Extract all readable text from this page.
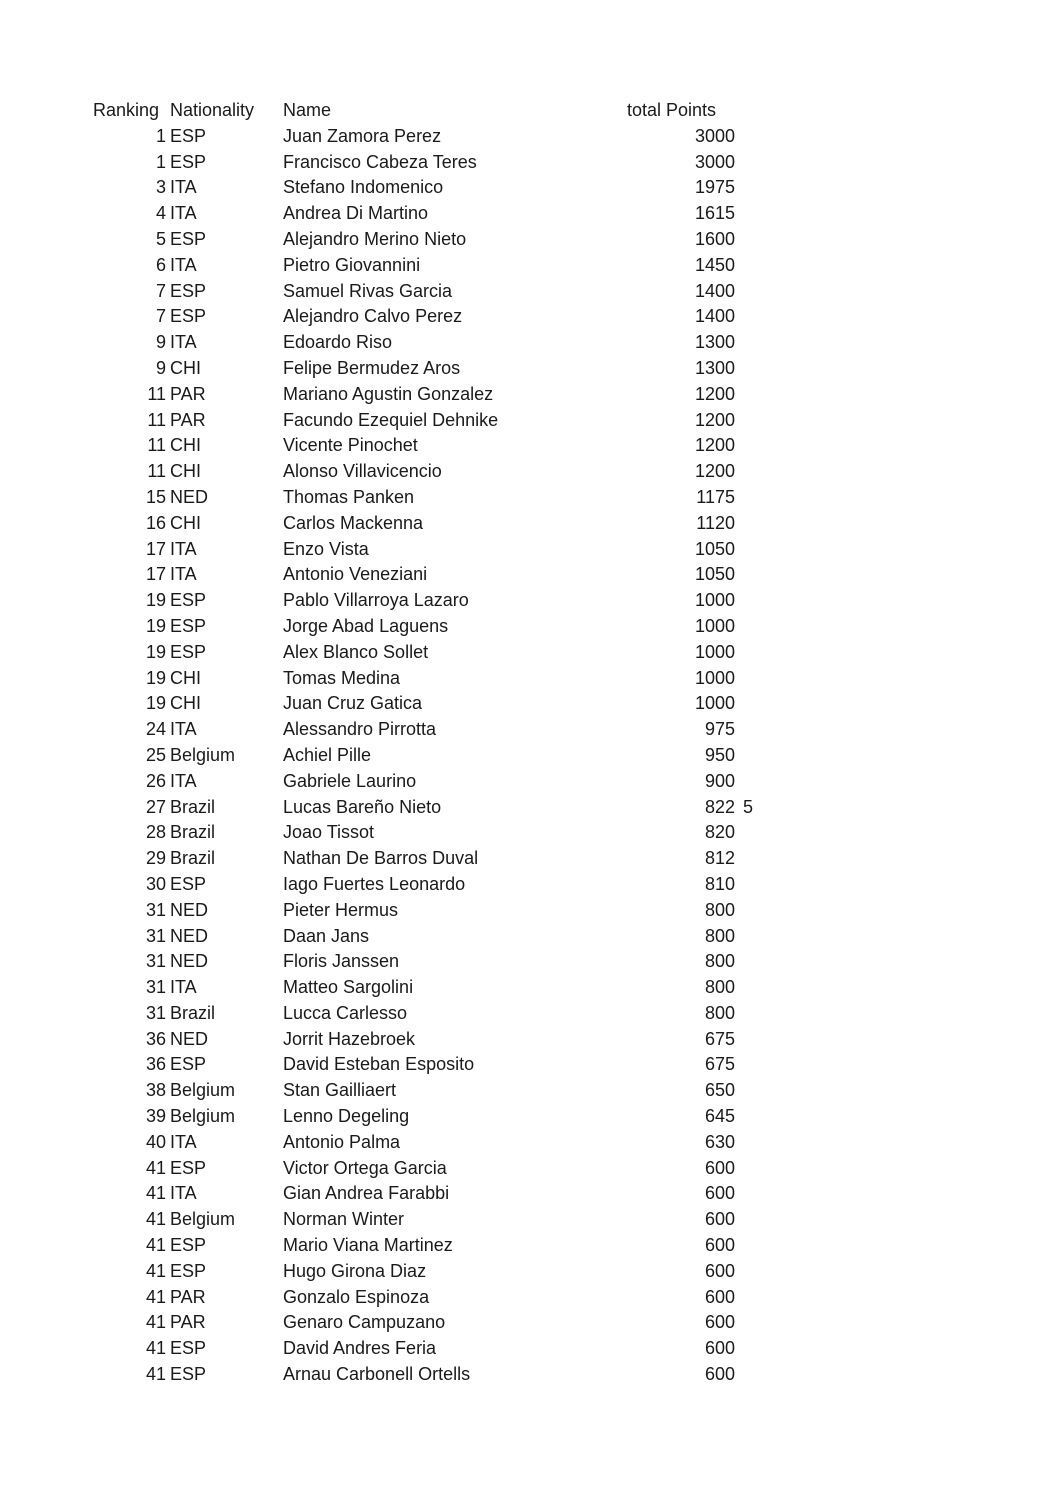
Ranking Nationality	Name	total Points
1 ESP	Juan Zamora Perez	3000
1 ESP	Francisco Cabeza Teres	3000
3 ITA	Stefano Indomenico	1975
4 ITA	Andrea Di Martino	1615
5 ESP	Alejandro Merino Nieto	1600
6 ITA	Pietro Giovannini	1450
7 ESP	Samuel Rivas Garcia	1400
7 ESP	Alejandro Calvo Perez	1400
9 ITA	Edoardo Riso	1300
9 CHI	Felipe Bermudez Aros	1300
11 PAR	Mariano Agustin Gonzalez	1200
11 PAR	Facundo Ezequiel Dehnike	1200
11 CHI	Vicente Pinochet	1200
11 CHI	Alonso Villavicencio	1200
15 NED	Thomas Panken	1175
16 CHI	Carlos Mackenna	1120
17 ITA	Enzo Vista	1050
17 ITA	Antonio Veneziani	1050
19 ESP	Pablo Villarroya Lazaro	1000
19 ESP	Jorge Abad Laguens	1000
19 ESP	Alex Blanco Sollet	1000
19 CHI	Tomas Medina	1000
19 CHI	Juan Cruz Gatica	1000
24 ITA	Alessandro Pirrotta	975
25 Belgium	Achiel Pille	950
26 ITA	Gabriele Laurino	900
27 Brazil	Lucas Bareño Nieto	822 5
28 Brazil	Joao Tissot	820
29 Brazil	Nathan De Barros Duval	812
30 ESP	Iago Fuertes Leonardo	810
31 NED	Pieter Hermus	800
31 NED	Daan Jans	800
31 NED	Floris Janssen	800
31 ITA	Matteo Sargolini	800
31 Brazil	Lucca Carlesso	800
36 NED	Jorrit Hazebroek	675
36 ESP	David Esteban Esposito	675
38 Belgium	Stan Gailliaert	650
39 Belgium	Lenno Degeling	645
40 ITA	Antonio Palma	630
41 ESP	Victor Ortega Garcia	600
41 ITA	Gian Andrea Farabbi	600
41 Belgium	Norman Winter	600
41 ESP	Mario Viana Martinez	600
41 ESP	Hugo Girona Diaz	600
41 PAR	Gonzalo Espinoza	600
41 PAR	Genaro Campuzano	600
41 ESP	David Andres Feria	600
41 ESP	Arnau Carbonell Ortells	600
